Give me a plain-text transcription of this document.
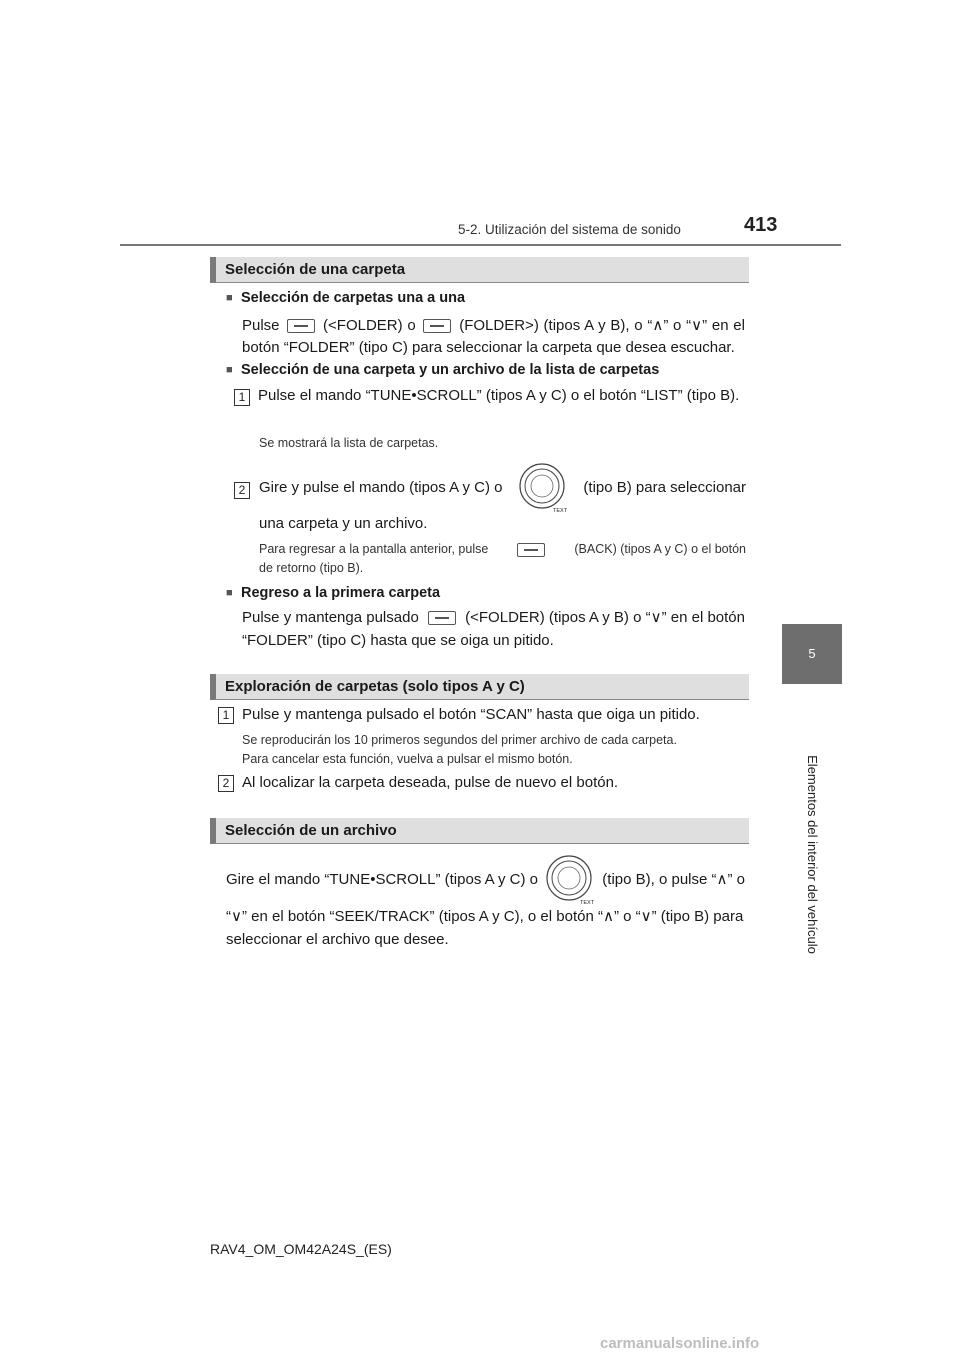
5-2. Utilización del sistema de sonido	413
5
Elementos del interior del vehículo
Selección de una carpeta
■ Selección de carpetas una a una
Pulse	(<FOLDER) o	(FOLDER>) (tipos A y B), o “∧” o “∨” en el
botón “FOLDER” (tipo C) para seleccionar la carpeta que desea escuchar.
■ Selección de una carpeta y un archivo de la lista de carpetas
1 Pulse el mando “TUNE•SCROLL” (tipos A y C) o el botón “LIST” (tipo B).
Se mostrará la lista de carpetas.
2 Gire y pulse el mando (tipos A y C) o
TEXT
(tipo B) para seleccionar
una carpeta y un archivo.
Para regresar a la pantalla anterior, pulse	(BACK) (tipos A y C) o el botón
de retorno (tipo B).
■ Regreso a la primera carpeta
Pulse y mantenga pulsado	(<FOLDER) (tipos A y B) o “∨” en el botón
“FOLDER” (tipo C) hasta que se oiga un pitido.
Exploración de carpetas (solo tipos A y C)
1 Pulse y mantenga pulsado el botón “SCAN” hasta que oiga un pitido.
Se reproducirán los 10 primeros segundos del primer archivo de cada carpeta.
Para cancelar esta función, vuelva a pulsar el mismo botón.
2 Al localizar la carpeta deseada, pulse de nuevo el botón.
Selección de un archivo
Gire el mando “TUNE•SCROLL” (tipos A y C) o
TEXT
(tipo B), o pulse “∧” o
“∨” en el botón “SEEK/TRACK” (tipos A y C), o el botón “∧” o “∨” (tipo B) para
seleccionar el archivo que desee.
RAV4_OM_OM42A24S_(ES)
carmanualsonline.info
